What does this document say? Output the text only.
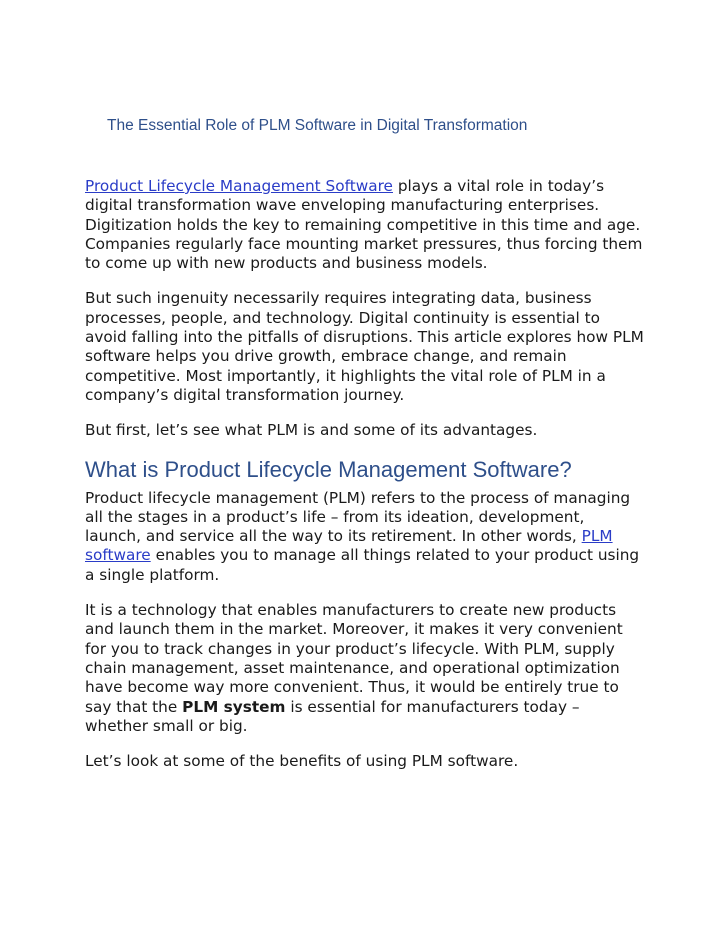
The Essential Role of PLM Software in Digital Transformation

Product Lifecycle Management Software plays a vital role in today’s digital transformation wave enveloping manufacturing enterprises. Digitization holds the key to remaining competitive in this time and age. Companies regularly face mounting market pressures, thus forcing them to come up with new products and business models.

But such ingenuity necessarily requires integrating data, business processes, people, and technology. Digital continuity is essential to avoid falling into the pitfalls of disruptions. This article explores how PLM software helps you drive growth, embrace change, and remain competitive. Most importantly, it highlights the vital role of PLM in a company’s digital transformation journey.

But first, let’s see what PLM is and some of its advantages.

What is Product Lifecycle Management Software?

Product lifecycle management (PLM) refers to the process of managing all the stages in a product’s life – from its ideation, development, launch, and service all the way to its retirement. In other words, PLM software enables you to manage all things related to your product using a single platform.

It is a technology that enables manufacturers to create new products and launch them in the market. Moreover, it makes it very convenient for you to track changes in your product’s lifecycle. With PLM, supply chain management, asset maintenance, and operational optimization have become way more convenient. Thus, it would be entirely true to say that the PLM system is essential for manufacturers today – whether small or big.

Let’s look at some of the benefits of using PLM software.
